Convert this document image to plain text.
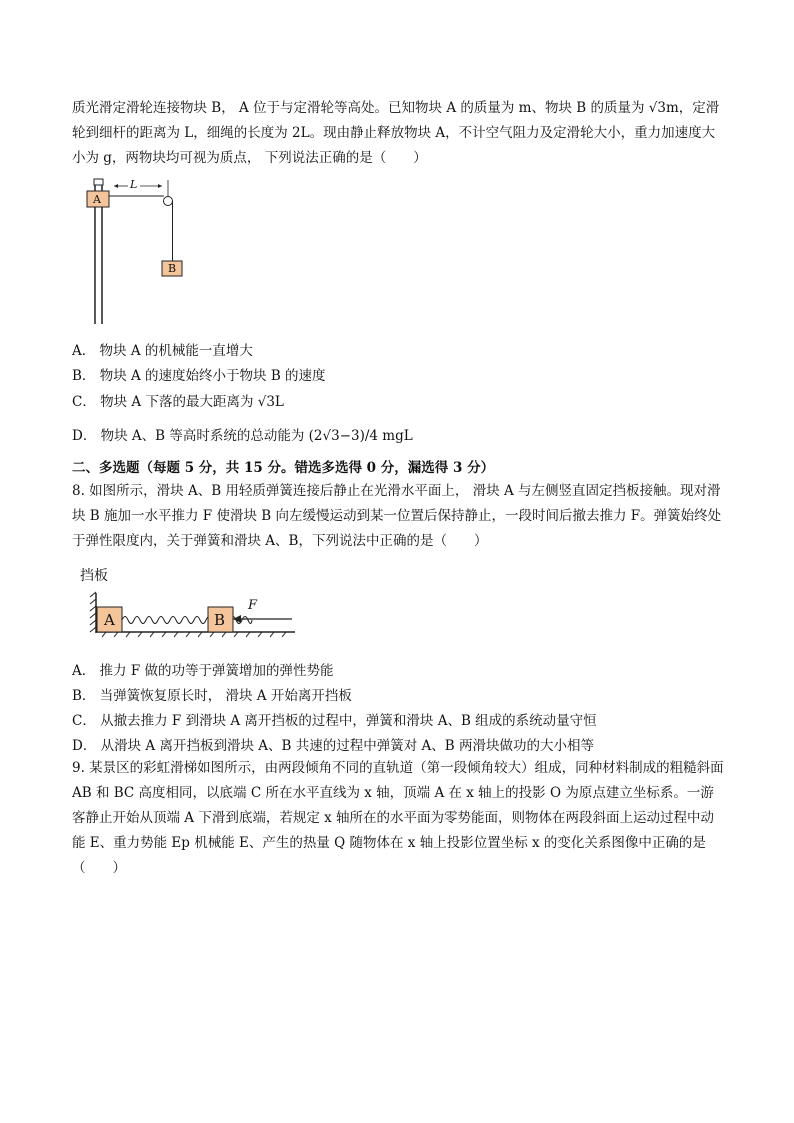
质光滑定滑轮连接物块 B， A 位于与定滑轮等高处。已知物块 A 的质量为 m、物块 B 的质量为 √3m，定滑轮到细杆的距离为 L，细绳的长度为 2L。现由静止释放物块 A，不计空气阻力及定滑轮大小，重力加速度大小为 g，两物块均可视为质点， 下列说法正确的是（　　）

L
A
B
A． 物块 A 的机械能一直增大
B． 物块 A 的速度始终小于物块 B 的速度
C． 物块 A 下落的最大距离为 √3L
D． 物块 A、B 等高时系统的总动能为 (2√3−3)/4 mgL
二、多选题（每题 5 分，共 15 分。错选多选得 0 分，漏选得 3 分）

8. 如图所示，滑块 A、B 用轻质弹簧连接后静止在光滑水平面上， 滑块 A 与左侧竖直固定挡板接触。现对滑块 B 施加一水平推力 F 使滑块 B 向左缓慢运动到某一位置后保持静止，一段时间后撤去推力 F。弹簧始终处于弹性限度内，关于弹簧和滑块 A、B，下列说法中正确的是（　　）

挡板
A	B
F
A． 推力 F 做的功等于弹簧增加的弹性势能
B． 当弹簧恢复原长时， 滑块 A 开始离开挡板
C． 从撤去推力 F 到滑块 A 离开挡板的过程中，弹簧和滑块 A、B 组成的系统动量守恒
D． 从滑块 A 离开挡板到滑块 A、B 共速的过程中弹簧对 A、B 两滑块做功的大小相等

9. 某景区的彩虹滑梯如图所示，由两段倾角不同的直轨道（第一段倾角较大）组成，同种材料制成的粗糙斜面 AB 和 BC 高度相同，以底端 C 所在水平直线为 x 轴，顶端 A 在 x 轴上的投影 O 为原点建立坐标系。一游客静止开始从顶端 A 下滑到底端，若规定 x 轴所在的水平面为零势能面，则物体在两段斜面上运动过程中动能 E、重力势能 Ep 机械能 E、产生的热量 Q 随物体在 x 轴上投影位置坐标 x 的变化关系图像中正确的是（　　）
